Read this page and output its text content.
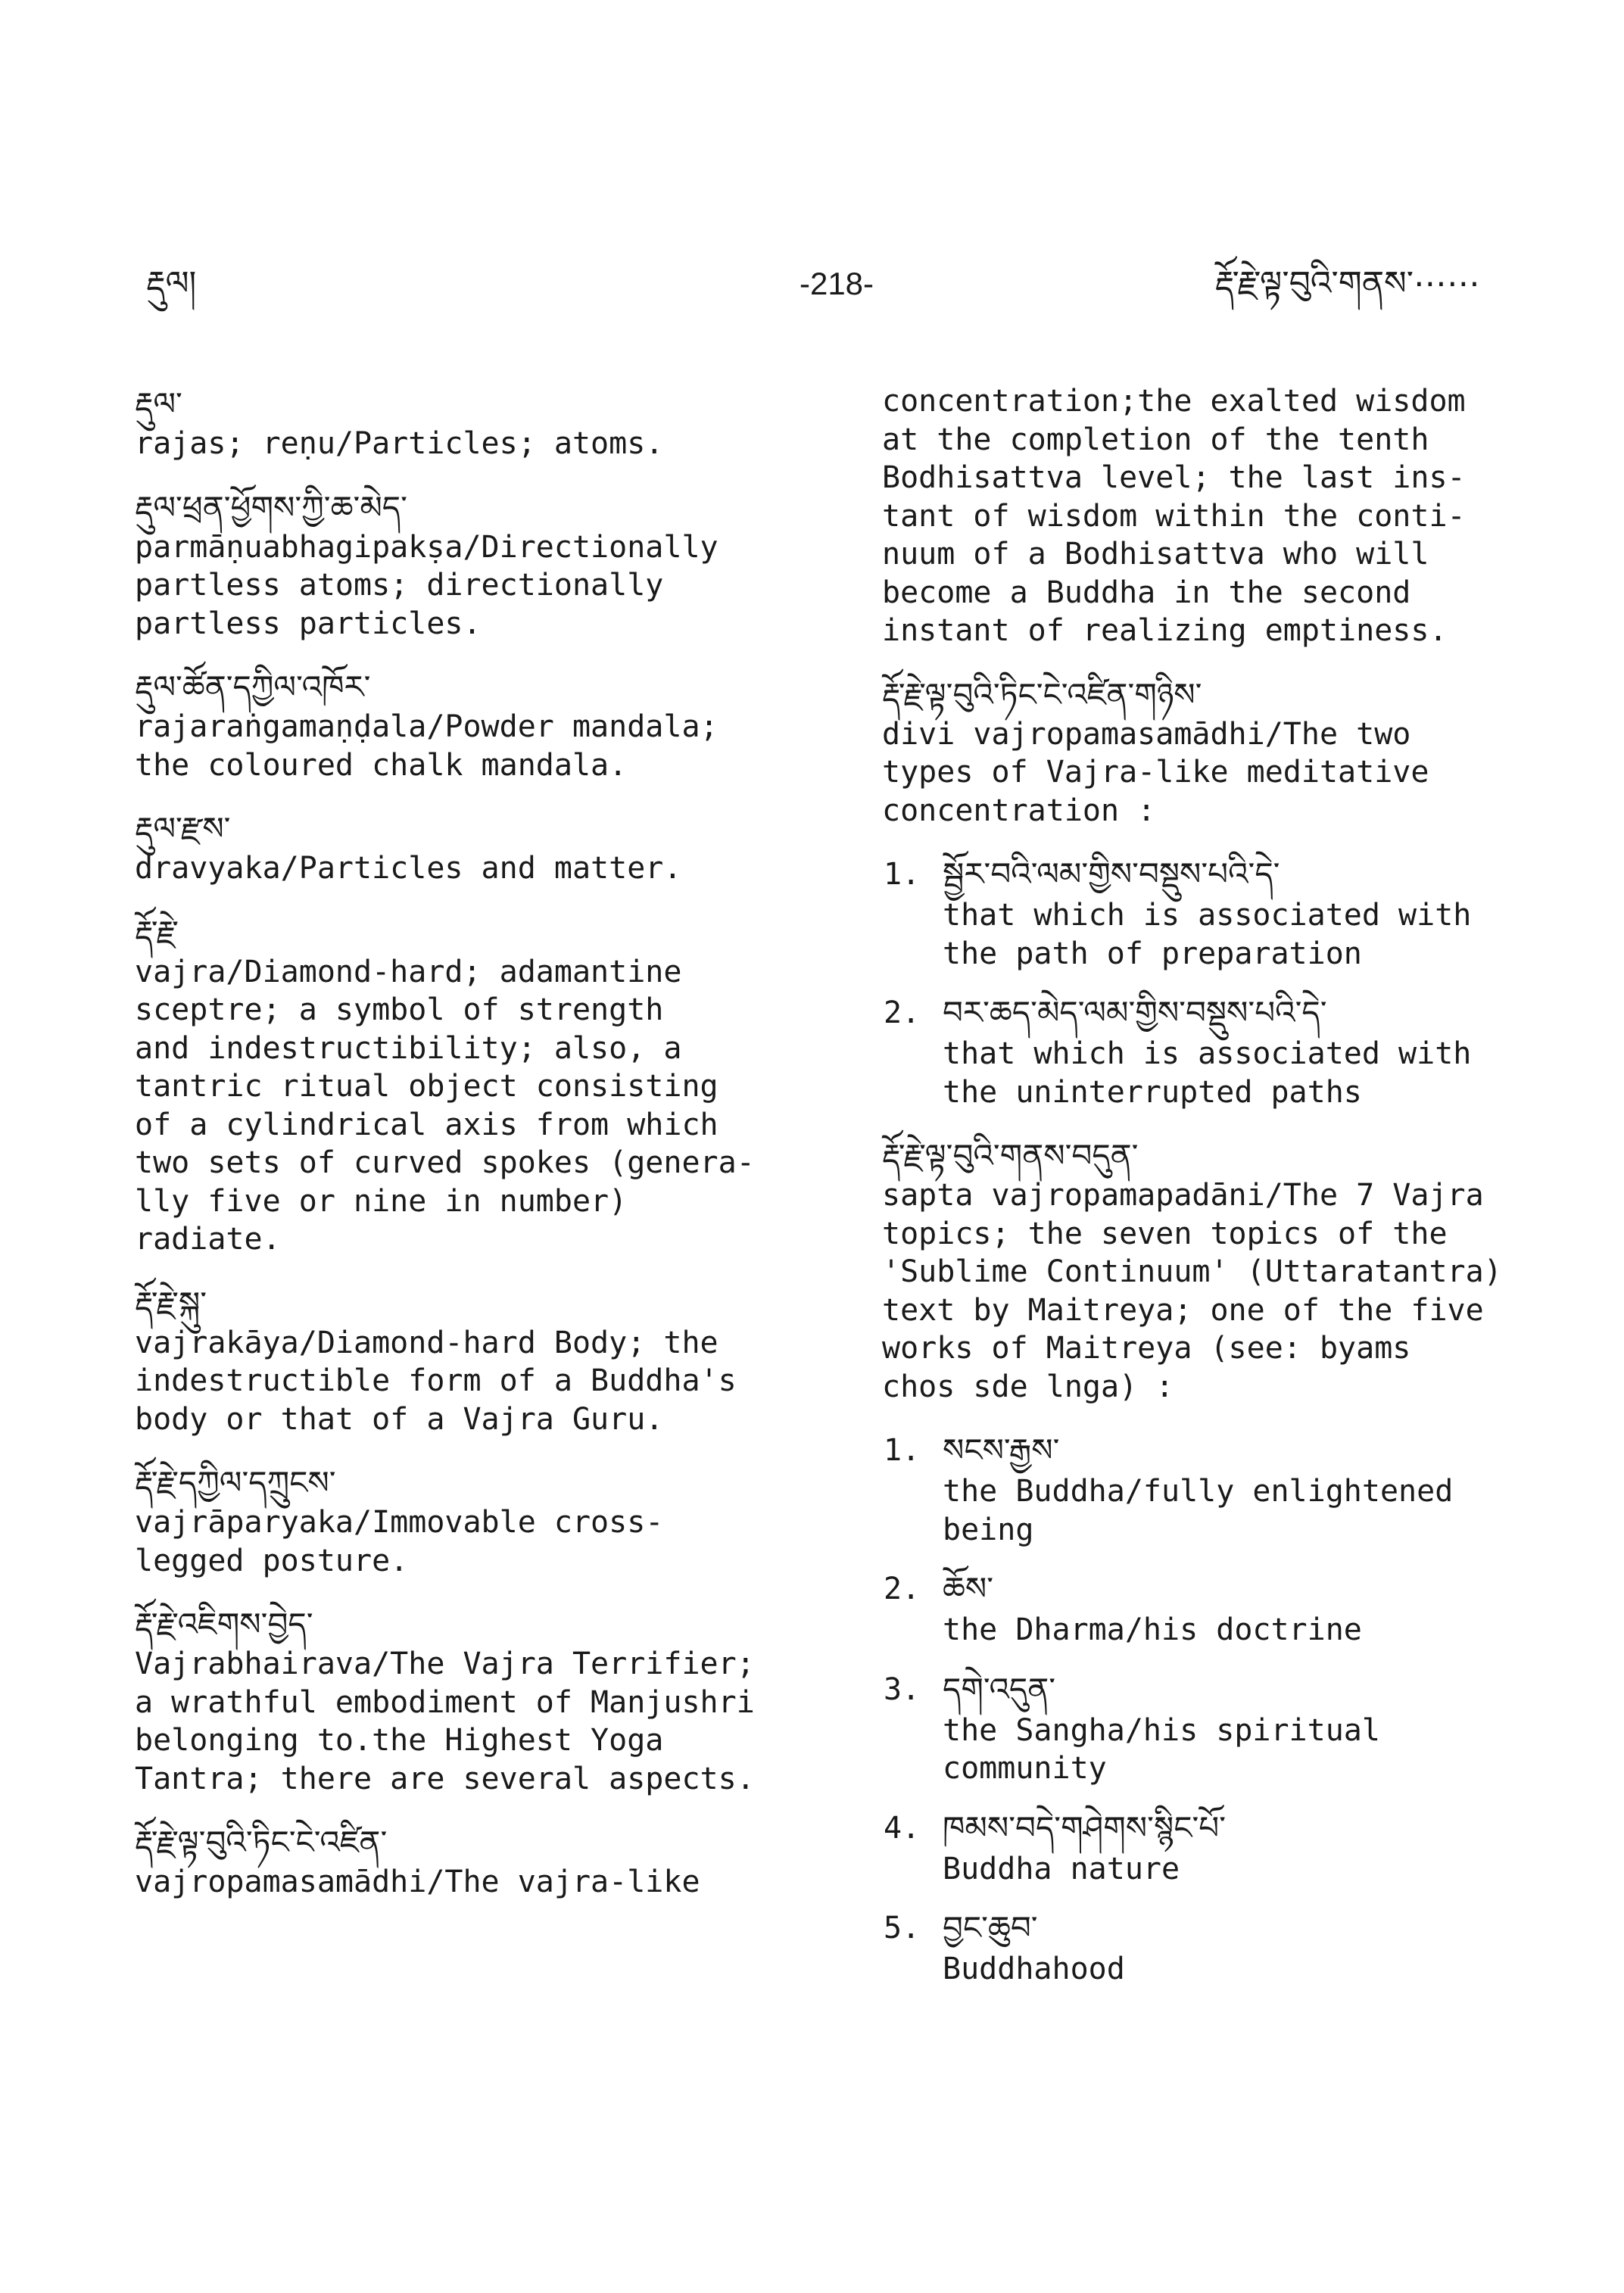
རྡུལ།	-218-	རྡོ་རྗེ་ལྟ་བུའི་གནས་⋯⋯
རྡུལ་
rajas; reṇu/Particles; atoms.
རྡུལ་ཕྲན་ཕྱོགས་ཀྱི་ཆ་མེད་
parmāṇuabhagipakṣa/Directionally
partless atoms; directionally
partless particles.
རྡུལ་ཚོན་དཀྱིལ་འཁོར་
rajaraṅgamaṇḍala/Powder mandala;
the coloured chalk mandala.
རྡུལ་རྫས་
dravyaka/Particles and matter.
རྡོ་རྗེ་
vajra/Diamond-hard; adamantine
sceptre; a symbol of strength
and indestructibility; also, a
tantric ritual object consisting
of a cylindrical axis from which
two sets of curved spokes (genera-
lly five or nine in number)
radiate.
རྡོ་རྗེ་སྐུ་
vajrakāya/Diamond-hard Body; the
indestructible form of a Buddha's
body or that of a Vajra Guru.
རྡོ་རྗེ་དཀྱིལ་དཀྲུངས་
vajrāparyaka/Immovable cross-
legged posture.
རྡོ་རྗེ་འཇིགས་བྱེད་
Vajrabhairava/The Vajra Terrifier;
a wrathful embodiment of Manjushri
belonging to.the Highest Yoga
Tantra; there are several aspects.
རྡོ་རྗེ་ལྟ་བུའི་ཏིང་ངེ་འཛིན་
vajropamasamādhi/The vajra-like
concentration;the exalted wisdom
at the completion of the tenth
Bodhisattva level; the last ins-
tant of wisdom within the conti-
nuum of a Bodhisattva who will
become a Buddha in the second
instant of realizing emptiness.
རྡོ་རྗེ་ལྟ་བུའི་ཏིང་ངེ་འཛིན་གཉིས་
divi vajropamasamādhi/The two
types of Vajra-like meditative
concentration :
1. སྦྱོར་བའི་ལམ་གྱིས་བསྡུས་པའི་དེ་
that which is associated with
the path of preparation
2. བར་ཆད་མེད་ལམ་གྱིས་བསྡུས་པའི་དེ་
that which is associated with
the uninterrupted paths
རྡོ་རྗེ་ལྟ་བུའི་གནས་བདུན་
sapta vajropamapadāni/The 7 Vajra
topics; the seven topics of the
'Sublime Continuum' (Uttaratantra)
text by Maitreya; one of the five
works of Maitreya (see: byams
chos sde lnga) :
1. སངས་རྒྱས་
the Buddha/fully enlightened
being
2. ཆོས་
the Dharma/his doctrine
3. དགེ་འདུན་
the Sangha/his spiritual
community
4. ཁམས་བདེ་གཤེགས་སྙིང་པོ་
Buddha nature
5. བྱང་ཆུབ་
Buddhahood
